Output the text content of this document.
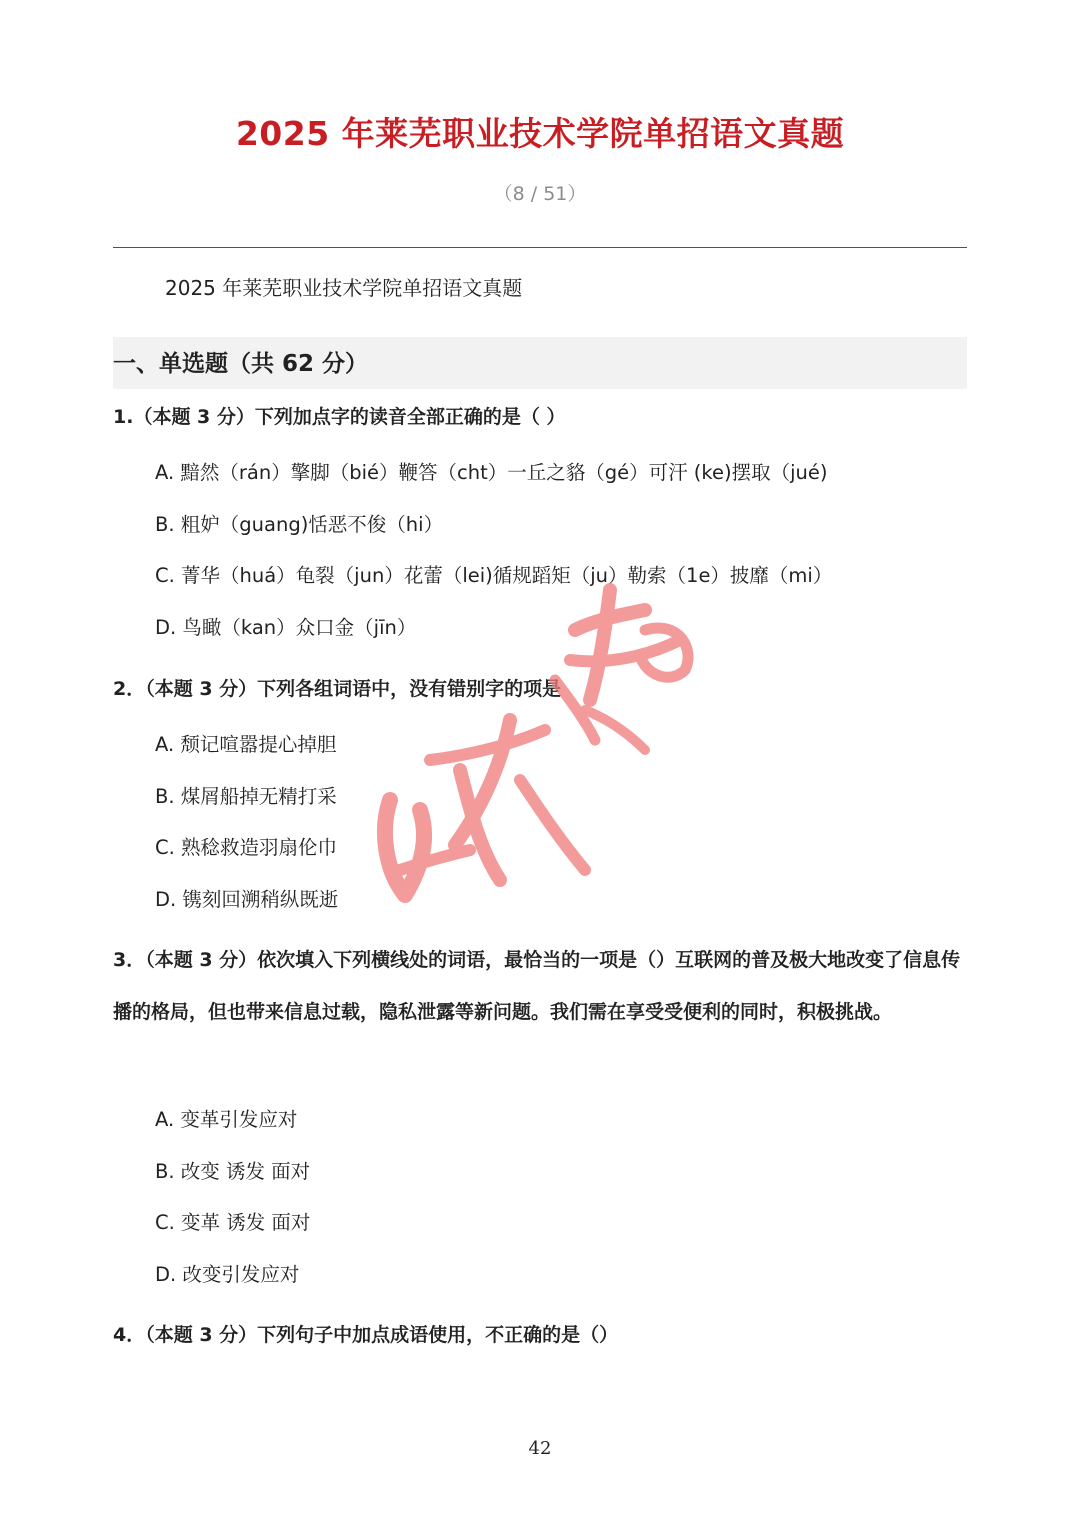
2025 年莱芜职业技术学院单招语文真题
（8 / 51）
2025 年莱芜职业技术学院单招语文真题
一、单选题（共 62 分）
1.（本题 3 分）下列加点字的读音全部正确的是（ ）
A. 黯然（rán）擎脚（bié）鞭答（cht）一丘之貉（gé）可汗 (ke)摆取（jué)
B. 粗妒（guang)恬恶不俊（hi）
C. 菁华（huá）龟裂（jun）花蕾（lei)循规蹈矩（ju）勒索（1e）披靡（mi）
D. 鸟瞰（kan）众口金（jīn）
2．（本题 3 分）下列各组词语中，没有错别字的项是
A. 颓记喧嚣提心掉胆
B. 煤屑船掉无精打采
C. 熟稔救造羽扇伦巾
D. 镌刻回溯稍纵既逝
3．（本题 3 分）依次填入下列横线处的词语，最恰当的一项是（）互联网的普及极大地改变了信息传播的格局，但也带来信息过载，隐私泄露等新问题。我们需在享受受便利的同时，积极挑战。
A. 变革引发应对
B. 改变 诱发 面对
C. 变革 诱发 面对
D. 改变引发应对
4．（本题 3 分）下列句子中加点成语使用，不正确的是（）
42
